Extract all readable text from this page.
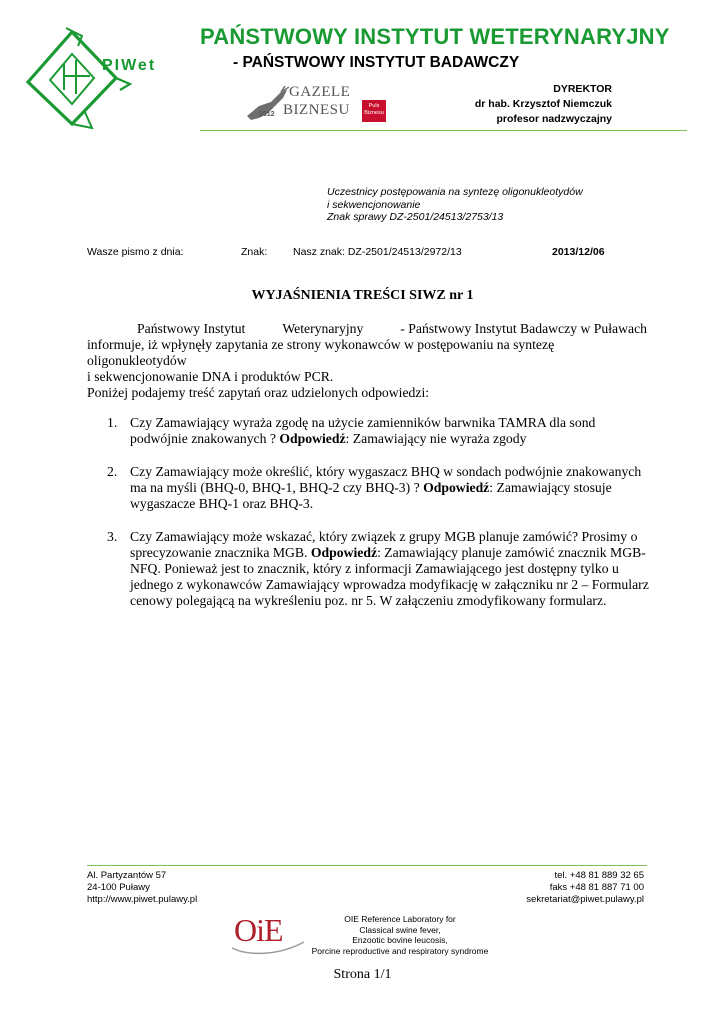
PIWet
PAŃSTWOWY INSTYTUT WETERYNARYJNY
- PAŃSTWOWY INSTYTUT BADAWCZY
GAZELE
2012 BIZNESU	Puls
Biznesu
DYREKTOR
dr hab. Krzysztof Niemczuk
profesor nadzwyczajny
Uczestnicy postępowania na syntezę oligonukleotydów
i sekwencjonowanie
Znak sprawy DZ-2501/24513/2753/13
Wasze pismo z dnia:	Znak: Nasz znak: DZ-2501/24513/2972/13	2013/12/06
WYJAŚNIENIA TREŚCI SIWZ nr 1
Państwowy Instytut	Weterynaryjny	- Państwowy Instytut Badawczy w Puławach
informuje, iż wpłynęły zapytania ze strony wykonawców w postępowaniu na syntezę oligonukleotydów
i sekwencjonowanie DNA i produktów PCR.
Poniżej podajemy treść zapytań oraz udzielonych odpowiedzi:
1. Czy Zamawiający wyraża zgodę na użycie zamienników barwnika TAMRA dla sond podwójnie znakowanych ? Odpowiedź: Zamawiający nie wyraża zgody
2. Czy Zamawiający może określić, który wygaszacz BHQ w sondach podwójnie znakowanych ma na myśli (BHQ-0, BHQ-1, BHQ-2 czy BHQ-3) ? Odpowiedź: Zamawiający stosuje wygaszacze BHQ-1 oraz BHQ-3.
3. Czy Zamawiający może wskazać, który związek z grupy MGB planuje zamówić? Prosimy o sprecyzowanie znacznika MGB. Odpowiedź: Zamawiający planuje zamówić znacznik MGB-NFQ. Ponieważ jest to znacznik, który z informacji Zamawiającego jest dostępny tylko u jednego z wykonawców Zamawiający wprowadza modyfikację w załączniku nr 2 – Formularz cenowy polegającą na wykreśleniu poz. nr 5. W załączeniu zmodyfikowany formularz.
Al. Partyzantów 57
24-100 Puławy
http://www.piwet.pulawy.pl
tel. +48 81 889 32 65
faks +48 81 887 71 00
sekretariat@piwet.pulawy.pl
OiE	OIE Reference Laboratory for
Classical swine fever,
Enzootic bovine leucosis,
Porcine reproductive and respiratory syndrome
Strona 1/1
